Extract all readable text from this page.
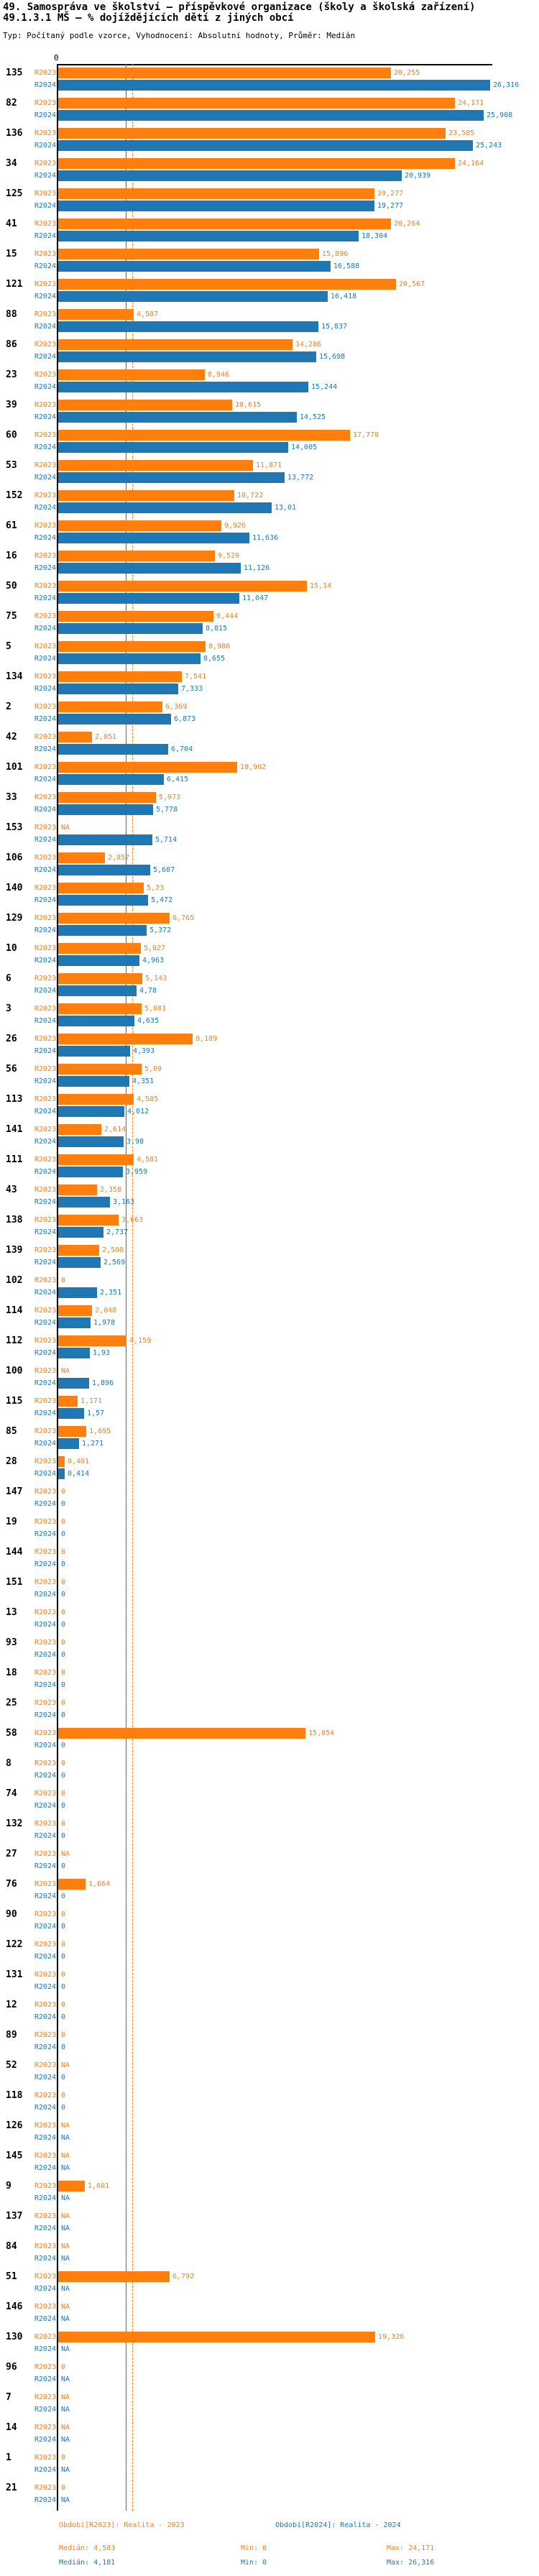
49. Samospráva ve školství — příspěvkové organizace (školy a školská zařízení)
49.1.3.1 MŠ — % dojíždějících dětí z jiných obcí
Typ: Počítaný podle vzorce, Vyhodnocení: Absolutní hodnoty, Průměr: Medián
0
135	R2023	20,255
R2024	26,316
82	R2023	24,171
R2024	25,908
136	R2023	23,585
R2024	25,243
34	R2023	24,164
R2024	20,939
125	R2023	19,277
R2024	19,277
41	R2023	20,264
R2024	18,304
15	R2023	15,896
R2024	16,588
121	R2023	20,567
R2024	16,418
88	R2023	4,587
R2024	15,837
86	R2023	14,286
R2024	15,698
23	R2023	8,946
R2024	15,244
39	R2023	10,615
R2024	14,525
60	R2023	17,778
R2024	14,005
53	R2023	11,871
R2024	13,772
152	R2023	10,722
R2024	13,01
61	R2023	9,926
R2024	11,636
16	R2023	9,529
R2024	11,126
50	R2023	15,14
R2024	11,047
75	R2023	9,444
R2024	8,815
5	R2023	8,986
R2024	8,655
134	R2023	7,541
R2024	7,333
2	R2023	6,369
R2024	6,873
42	R2023	2,051
R2024	6,704
101	R2023	10,902
R2024	6,415
33	R2023	5,973
R2024	5,778
153	R2023 NA
R2024	5,714
106	R2023	2,857
R2024	5,607
140	R2023	5,23
R2024	5,472
129	R2023	6,765
R2024	5,372
10	R2023	5,027
R2024	4,963
6	R2023	5,143
R2024	4,78
3	R2023	5,081
R2024	4,635
26	R2023	8,189
R2024	4,393
56	R2023	5,09
R2024	4,351
113	R2023	4,585
R2024	4,012
141	R2023	2,614
R2024	3,98
111	R2023	4,581
R2024	3,959
43	R2023	2,358
R2024	3,163
138	R2023	3,663
R2024	2,737
139	R2023	2,508
R2024	2,569
102	R2023 0
R2024	2,351
114	R2023	2,048
R2024	1,978
112	R2023	4,159
R2024	1,93
100	R2023 NA
R2024	1,896
115	R2023	1,171
R2024	1,57
85	R2023	1,695
R2024	1,271
28	R2023 0,401
R2024 0,414
147	R2023 0
R2024 0
19	R2023 0
R2024 0
144	R2023 0
R2024 0
151	R2023 0
R2024 0
13	R2023 0
R2024 0
93	R2023 0
R2024 0
18	R2023 0
R2024 0
25	R2023 0
R2024 0
58	R2023	15,054
R2024 0
8	R2023 0
R2024 0
74	R2023 0
R2024 0
132	R2023 0
R2024 0
27	R2023 NA
R2024 0
76	R2023	1,664
R2024 0
90	R2023 0
R2024 0
122	R2023 0
R2024 0
131	R2023 0
R2024 0
12	R2023 0
R2024 0
89	R2023 0
R2024 0
52	R2023 NA
R2024 0
118	R2023 0
R2024 0
126	R2023 NA
R2024 NA
145	R2023 NA
R2024 NA
9	R2023	1,601
R2024 NA
137	R2023 NA
R2024 NA
84	R2023 NA
R2024 NA
51	R2023	6,792
R2024 NA
146	R2023 NA
R2024 NA
130	R2023	19,326
R2024 NA
96	R2023 0
R2024 NA
7	R2023 NA
R2024 NA
14	R2023 NA
R2024 NA
1	R2023 0
R2024 NA
21	R2023 0
R2024 NA
Období[R2023]: Realita - 2023	Období[R2024]: Realita - 2024
Medián: 4,583	Min: 0	Max: 24,171
Medián: 4,181	Min: 0	Max: 26,316
